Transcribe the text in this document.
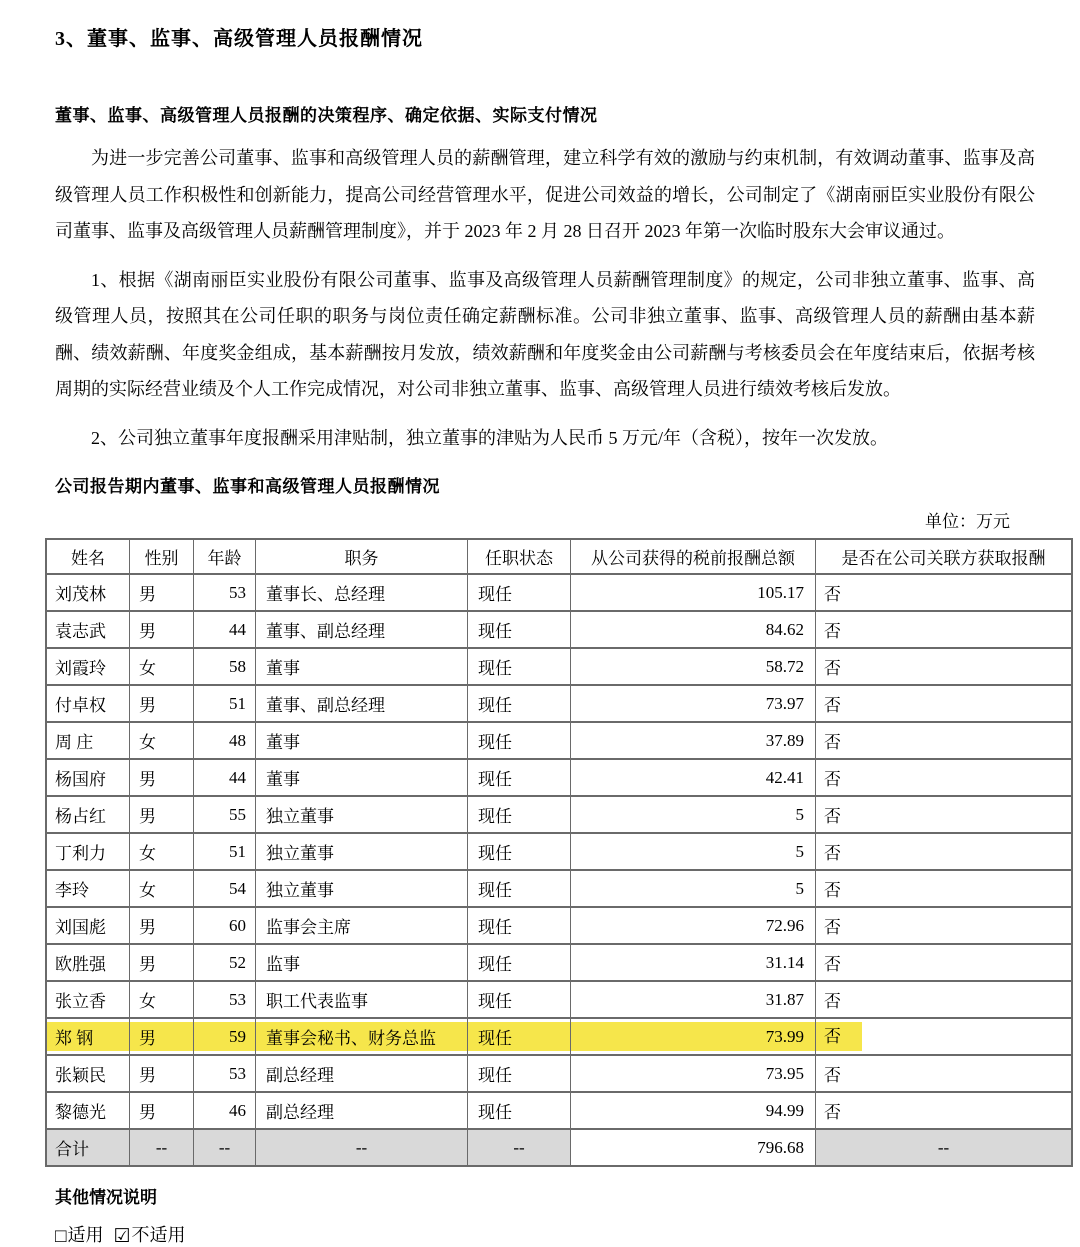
3、董事、监事、高级管理人员报酬情况
董事、监事、高级管理人员报酬的决策程序、确定依据、实际支付情况

为进一步完善公司董事、监事和高级管理人员的薪酬管理，建立科学有效的激励与约束机制，有效调动董事、监事及高级管理人员工作积极性和创新能力，提高公司经营管理水平，促进公司效益的增长，公司制定了《湖南丽臣实业股份有限公司董事、监事及高级管理人员薪酬管理制度》，并于 2023 年 2 月 28 日召开 2023 年第一次临时股东大会审议通过。

1、根据《湖南丽臣实业股份有限公司董事、监事及高级管理人员薪酬管理制度》的规定，公司非独立董事、监事、高级管理人员，按照其在公司任职的职务与岗位责任确定薪酬标准。公司非独立董事、监事、高级管理人员的薪酬由基本薪酬、绩效薪酬、年度奖金组成，基本薪酬按月发放，绩效薪酬和年度奖金由公司薪酬与考核委员会在年度结束后，依据考核周期的实际经营业绩及个人工作完成情况，对公司非独立董事、监事、高级管理人员进行绩效考核后发放。

2、公司独立董事年度报酬采用津贴制，独立董事的津贴为人民币 5 万元/年（含税），按年一次发放。

公司报告期内董事、监事和高级管理人员报酬情况
单位：万元
姓名	性别	年龄	职务	任职状态	从公司获得的税前报酬总额	是否在公司关联方获取报酬
刘茂林	男	53	董事长、总经理	现任	105.17	否
袁志武	男	44	董事、副总经理	现任	84.62	否
刘霞玲	女	58	董事	现任	58.72	否
付卓权	男	51	董事、副总经理	现任	73.97	否
周 庄	女	48	董事	现任	37.89	否
杨国府	男	44	董事	现任	42.41	否
杨占红	男	55	独立董事	现任	5	否
丁利力	女	51	独立董事	现任	5	否
李玲	女	54	独立董事	现任	5	否
刘国彪	男	60	监事会主席	现任	72.96	否
欧胜强	男	52	监事	现任	31.14	否
张立香	女	53	职工代表监事	现任	31.87	否
郑 钢	男	59	董事会秘书、财务总监	现任	73.99	否
张颖民	男	53	副总经理	现任	73.95	否
黎德光	男	46	副总经理	现任	94.99	否
合计	--	--	--	--	796.68	--
其他情况说明
□适用 ☑不适用
